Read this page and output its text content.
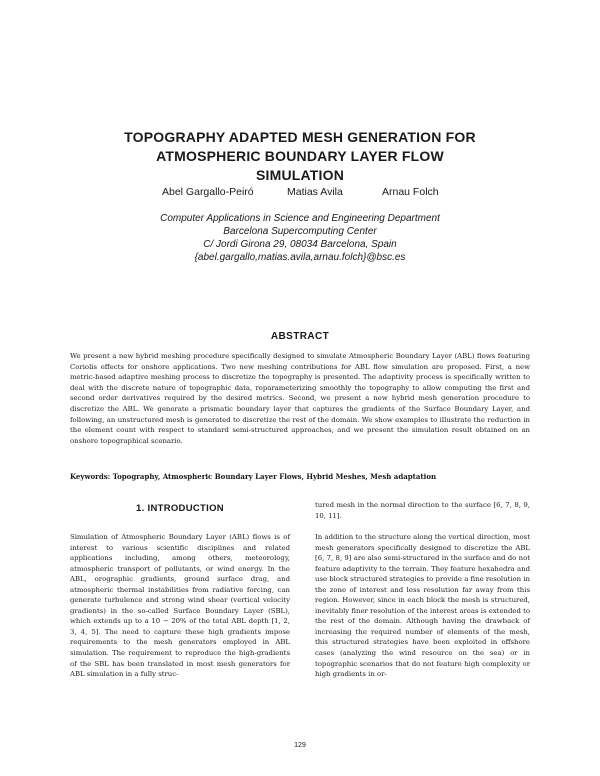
TOPOGRAPHY ADAPTED MESH GENERATION FOR
ATMOSPHERIC BOUNDARY LAYER FLOW
SIMULATION
Abel Gargallo-Peiró	Matias Avila	Arnau Folch
Computer Applications in Science and Engineering Department
Barcelona Supercomputing Center
C/ Jordi Girona 29, 08034 Barcelona, Spain
{abel.gargallo,matias.avila,arnau.folch}@bsc.es
ABSTRACT
We present a new hybrid meshing procedure specifically designed to simulate Atmospheric Boundary Layer (ABL) flows featuring Coriolis effects for onshore applications. Two new meshing contributions for ABL flow simulation are proposed. First, a new metric-based adaptive meshing process to discretize the topography is presented. The adaptivity process is specifically written to deal with the discrete nature of topographic data, reparameterizing smoothly the topography to allow computing the first and second order derivatives required by the desired metrics. Second, we present a new hybrid mesh generation procedure to discretize the ABL. We generate a prismatic boundary layer that captures the gradients of the Surface Boundary Layer, and following, an unstructured mesh is generated to discretize the rest of the domain. We show examples to illustrate the reduction in the element count with respect to standard semi-structured approaches, and we present the simulation result obtained on an onshore topographical scenario.
Keywords: Topography, Atmospheric Boundary Layer Flows, Hybrid Meshes, Mesh adaptation
1. INTRODUCTION
Simulation of Atmospheric Boundary Layer (ABL) flows is of interest to various scientific disciplines and related applications including, among others, meteorology, atmospheric transport of pollutants, or wind energy. In the ABL, orographic gradients, ground surface drag, and atmospheric thermal instabilities from radiative forcing, can generate turbulence and strong wind shear (vertical velocity gradients) in the so-called Surface Boundary Layer (SBL), which extends up to a 10 − 20% of the total ABL depth [1, 2, 3, 4, 5]. The need to capture these high gradients impose requirements to the mesh generators employed in ABL simulation. The requirement to reproduce the high-gradients of the SBL has been translated in most mesh generators for ABL simulation in a fully struc-
tured mesh in the normal direction to the surface [6, 7, 8, 9, 10, 11].
In addition to the structure along the vertical direction, most mesh generators specifically designed to discretize the ABL [6, 7, 8, 9] are also semi-structured in the surface and do not feature adaptivity to the terrain. They feature hexahedra and use block structured strategies to provide a fine resolution in the zone of interest and less resolution far away from this region. However, since in each block the mesh is structured, inevitably finer resolution of the interest areas is extended to the rest of the domain. Although having the drawback of increasing the required number of elements of the mesh, this structured strategies have been exploited in offshore cases (analyzing the wind resource on the sea) or in topographic scenarios that do not feature high complexity or high gradients in or-
129
